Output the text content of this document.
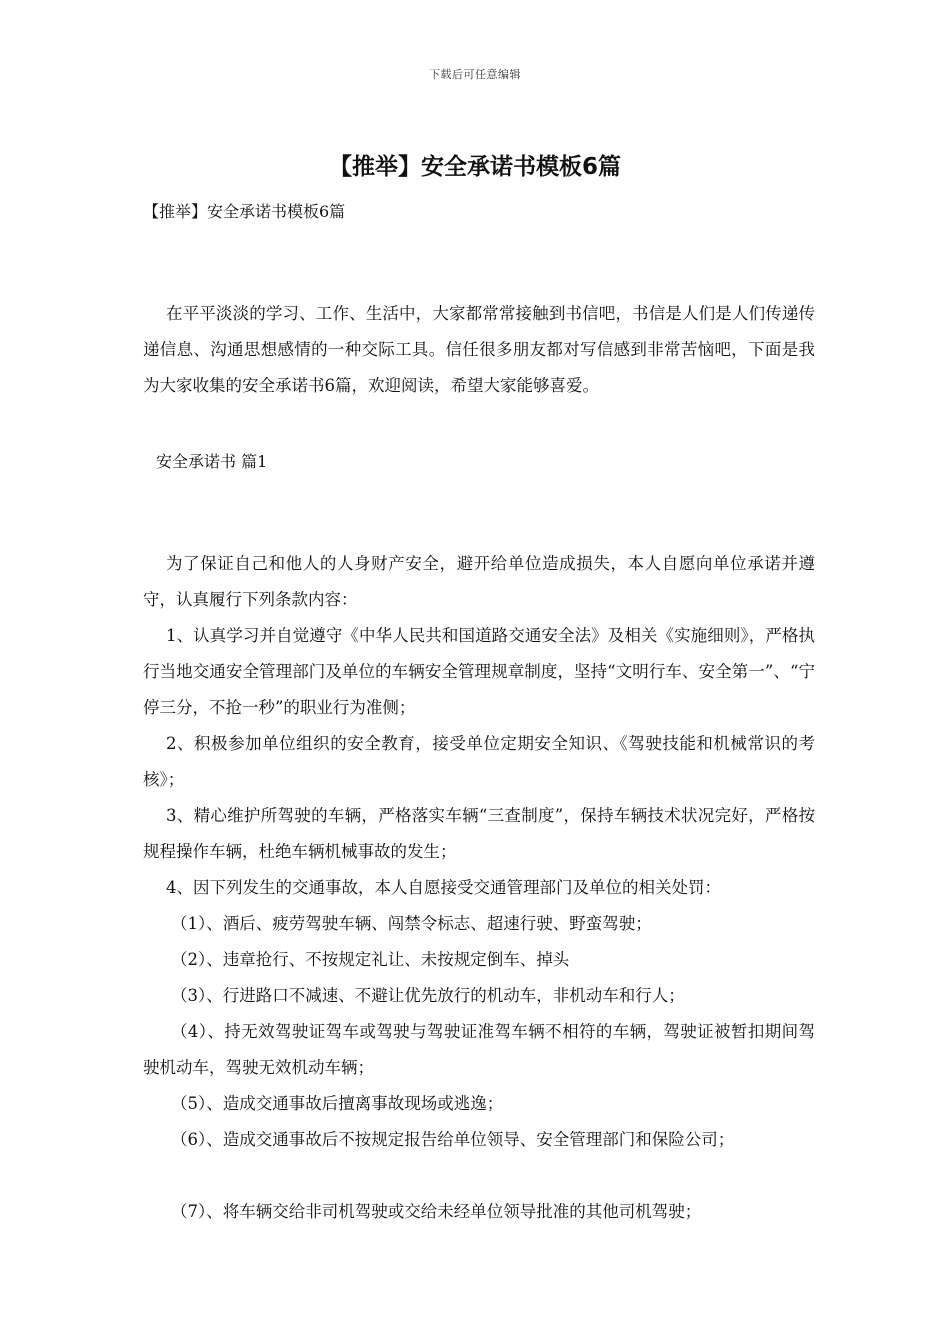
下载后可任意编辑
【推举】安全承诺书模板6篇
【推举】安全承诺书模板6篇
在平平淡淡的学习、工作、生活中，大家都常常接触到书信吧，书信是人们是人们传递传递信息、沟通思想感情的一种交际工具。信任很多朋友都对写信感到非常苦恼吧，下面是我为大家收集的安全承诺书6篇，欢迎阅读，希望大家能够喜爱。
安全承诺书 篇1

为了保证自己和他人的人身财产安全，避开给单位造成损失，本人自愿向单位承诺并遵守，认真履行下列条款内容：

1、认真学习并自觉遵守《中华人民共和国道路交通安全法》及相关《实施细则》，严格执行当地交通安全管理部门及单位的车辆安全管理规章制度，坚持“文明行车、安全第一”、“宁停三分，不抢一秒”的职业行为准侧；

2、积极参加单位组织的安全教育，接受单位定期安全知识、《驾驶技能和机械常识的考核》；

3、精心维护所驾驶的车辆，严格落实车辆“三查制度”，保持车辆技术状况完好，严格按规程操作车辆，杜绝车辆机械事故的发生；

4、因下列发生的交通事故，本人自愿接受交通管理部门及单位的相关处罚：

（1）、酒后、疲劳驾驶车辆、闯禁令标志、超速行驶、野蛮驾驶；

（2）、违章抢行、不按规定礼让、未按规定倒车、掉头

（3）、行进路口不减速、不避让优先放行的机动车，非机动车和行人；

（4）、持无效驾驶证驾车或驾驶与驾驶证准驾车辆不相符的车辆，驾驶证被暂扣期间驾驶机动车，驾驶无效机动车辆；

（5）、造成交通事故后擅离事故现场或逃逸；

（6）、造成交通事故后不按规定报告给单位领导、安全管理部门和保险公司；

（7）、将车辆交给非司机驾驶或交给未经单位领导批准的其他司机驾驶；
